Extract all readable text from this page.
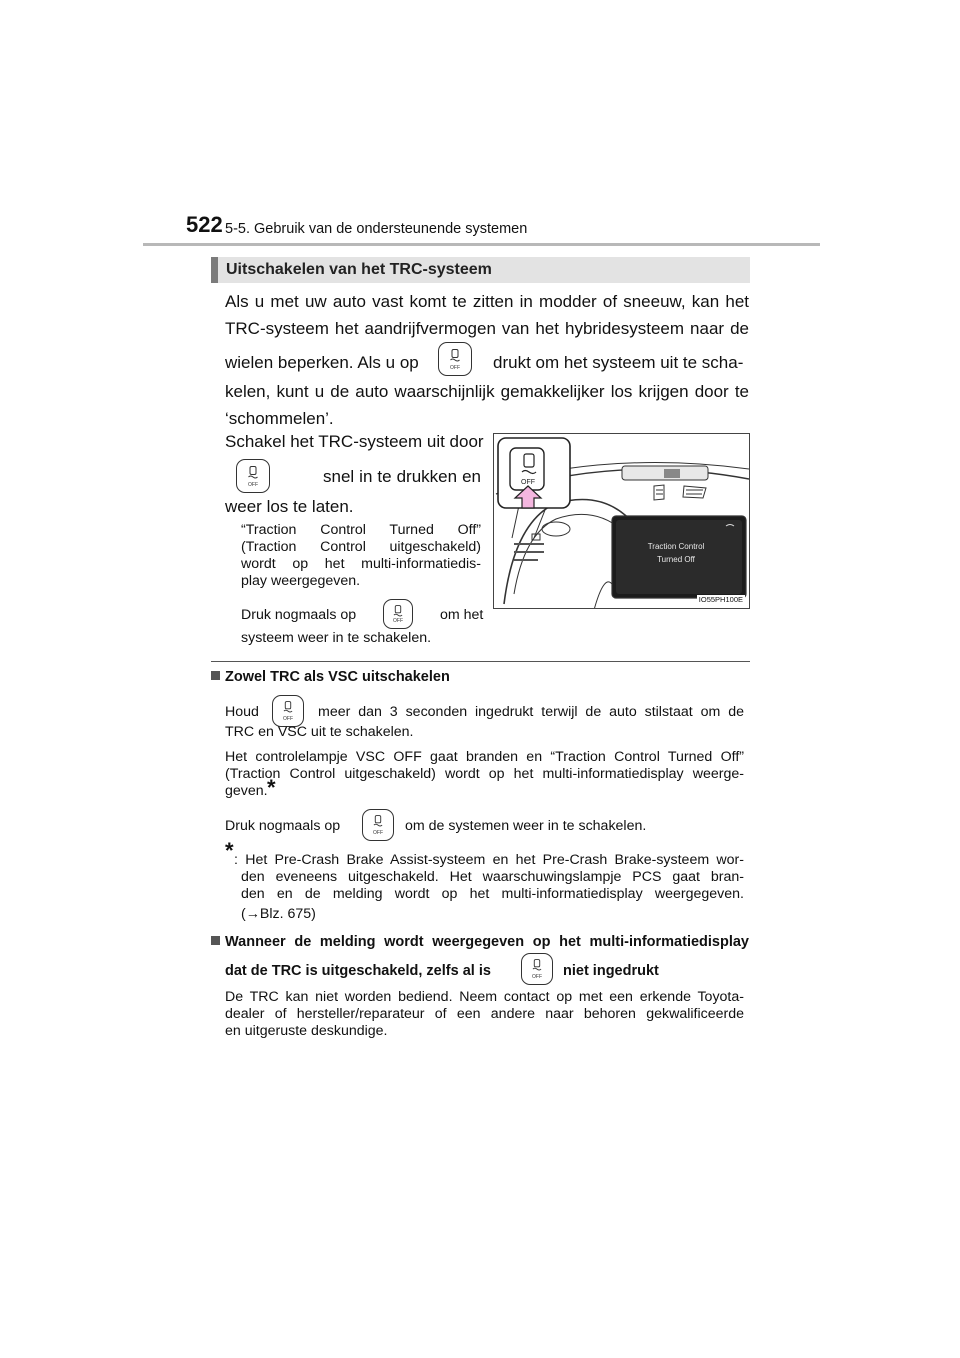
522 5-5. Gebruik van de ondersteunende systemen
Uitschakelen van het TRC-systeem
Als u met uw auto vast komt te zitten in modder of sneeuw, kan het
TRC-systeem het aandrijfvermogen van het hybridesysteem naar de
wielen beperken. Als u op	OFF	drukt om het systeem uit te scha-
kelen, kunt u de auto waarschijnlijk gemakkelijker los krijgen door te
‘schommelen’.
Schakel het TRC-systeem uit door
OFF	snel in te drukken en
weer los te laten.
“Traction Control Turned Off”
(Traction Control uitgeschakeld)
wordt op het multi-informatiedis-
play weergegeven.
Druk nogmaals op	OFF	om het
systeem weer in te schakelen.
OFF
Traction Control
Turned Off
IO55PH100E
Zowel TRC als VSC uitschakelen
Houd	OFF	meer dan 3 seconden ingedrukt terwijl de auto stilstaat om de
TRC en VSC uit te schakelen.
Het controlelampje VSC OFF gaat branden en “Traction Control Turned Off”
(Traction Control uitgeschakeld) wordt op het multi-informatiedisplay weerge-
geven. *
Druk nogmaals op	OFF	om de systemen weer in te schakelen.
* : Het Pre-Crash Brake Assist-systeem en het Pre-Crash Brake-systeem wor-
den eveneens uitgeschakeld. Het waarschuwingslampje PCS gaat bran-
den en de melding wordt op het multi-informatiedisplay weergegeven.
(→Blz. 675)
Wanneer de melding wordt weergegeven op het multi-informatiedisplay
dat de TRC is uitgeschakeld, zelfs al is	OFF	niet ingedrukt
De TRC kan niet worden bediend. Neem contact op met een erkende Toyota-
dealer of hersteller/reparateur of een andere naar behoren gekwalificeerde
en uitgeruste deskundige.
